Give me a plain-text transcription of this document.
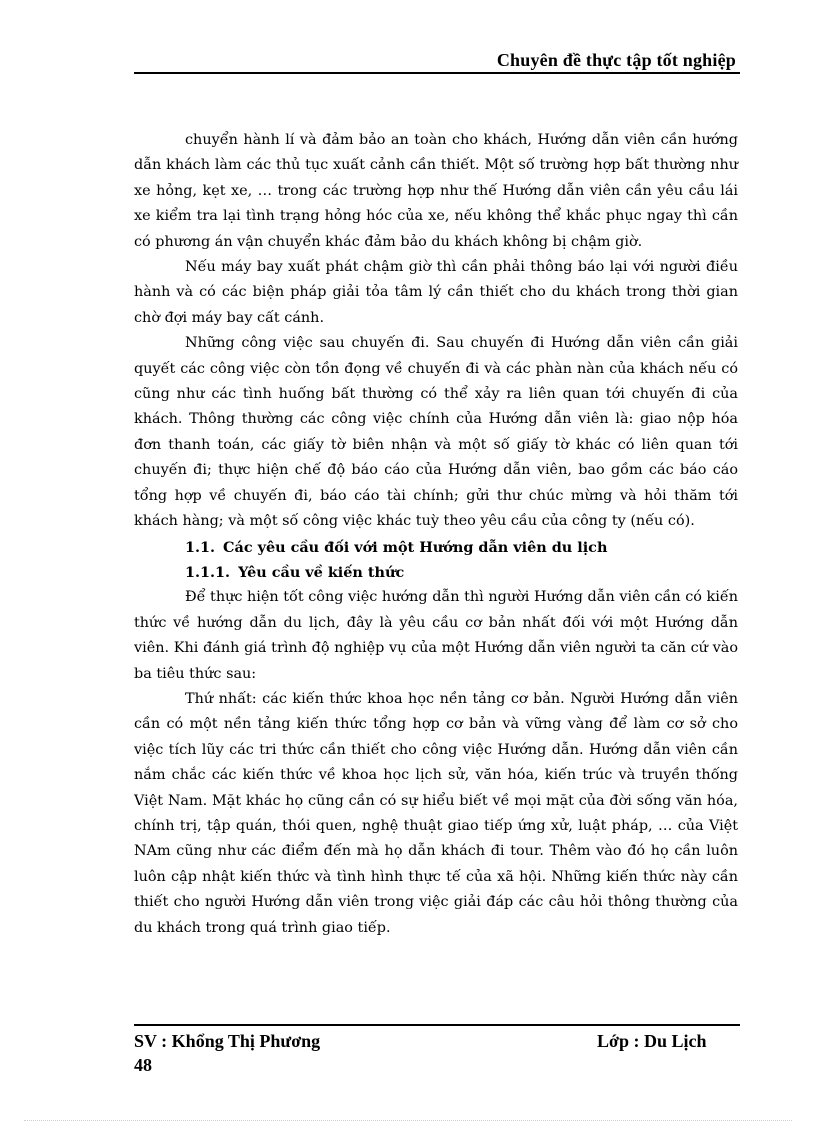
Chuyên đề thực tập tốt nghiệp

chuyển hành lí và đảm bảo an toàn cho khách, Hướng dẫn viên cần hướng dẫn khách làm các thủ tục xuất cảnh cần thiết. Một số trường hợp bất thường như xe hỏng, kẹt xe, … trong các trường hợp như thế Hướng dẫn viên cần yêu cầu lái xe kiểm tra lại tình trạng hỏng hóc của xe, nếu không thể khắc phục ngay thì cần có phương án vận chuyển khác đảm bảo du khách không bị chậm giờ.

Nếu máy bay xuất phát chậm giờ thì cần phải thông báo lại với người điều hành và có các biện pháp giải tỏa tâm lý cần thiết cho du khách trong thời gian chờ đợi máy bay cất cánh.

Những công việc sau chuyến đi. Sau chuyến đi Hướng dẫn viên cần giải quyết các công việc còn tồn đọng về chuyến đi và các phàn nàn của khách nếu có cũng như các tình huống bất thường có thể xảy ra liên quan tới chuyến đi của khách. Thông thường các công việc chính của Hướng dẫn viên là: giao nộp hóa đơn thanh toán, các giấy tờ biên nhận và một số giấy tờ khác có liên quan tới chuyến đi; thực hiện chế độ báo cáo của Hướng dẫn viên, bao gồm các báo cáo tổng hợp về chuyến đi, báo cáo tài chính; gửi thư chúc mừng và hỏi thăm tới khách hàng; và một số công việc khác tuỳ theo yêu cầu của công ty (nếu có).

1.1. Các yêu cầu đối với một Hướng dẫn viên du lịch
1.1.1. Yêu cầu về kiến thức

Để thực hiện tốt công việc hướng dẫn thì người Hướng dẫn viên cần có kiến thức về hướng dẫn du lịch, đây là yêu cầu cơ bản nhất đối với một Hướng dẫn viên. Khi đánh giá trình độ nghiệp vụ của một Hướng dẫn viên người ta căn cứ vào ba tiêu thức sau:

Thứ nhất: các kiến thức khoa học nền tảng cơ bản. Người Hướng dẫn viên cần có một nền tảng kiến thức tổng hợp cơ bản và vững vàng để làm cơ sở cho việc tích lũy các tri thức cần thiết cho công việc Hướng dẫn. Hướng dẫn viên cần nắm chắc các kiến thức về khoa học lịch sử, văn hóa, kiến trúc và truyền thống Việt Nam. Mặt khác họ cũng cần có sự hiểu biết về mọi mặt của đời sống văn hóa, chính trị, tập quán, thói quen, nghệ thuật giao tiếp ứng xử, luật pháp, … của Việt NAm cũng như các điểm đến mà họ dẫn khách đi tour. Thêm vào đó họ cần luôn luôn cập nhật kiến thức và tình hình thực tế của xã hội. Những kiến thức này cần thiết cho người Hướng dẫn viên trong việc giải đáp các câu hỏi thông thường của du khách trong quá trình giao tiếp.

SV : Khổng Thị Phương	Lớp : Du Lịch
48
